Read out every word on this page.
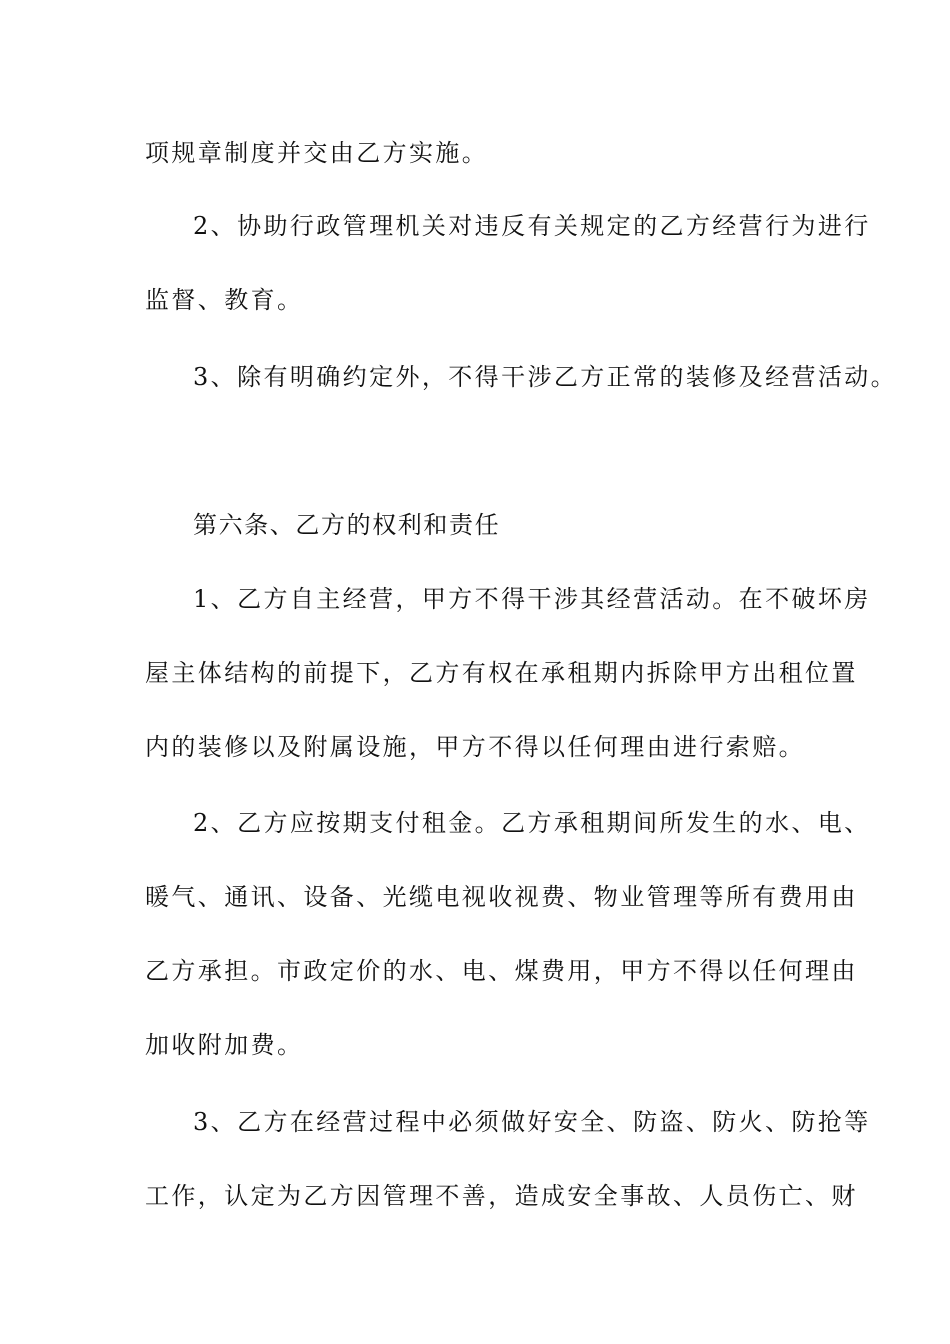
项规章制度并交由乙方实施。
2、协助行政管理机关对违反有关规定的乙方经营行为进行
监督、教育。
3、除有明确约定外，不得干涉乙方正常的装修及经营活动。
第六条、乙方的权利和责任
1、乙方自主经营，甲方不得干涉其经营活动。在不破坏房
屋主体结构的前提下，乙方有权在承租期内拆除甲方出租位置
内的装修以及附属设施，甲方不得以任何理由进行索赔。
2、乙方应按期支付租金。乙方承租期间所发生的水、电、
暖气、通讯、设备、光缆电视收视费、物业管理等所有费用由
乙方承担。市政定价的水、电、煤费用，甲方不得以任何理由
加收附加费。
3、乙方在经营过程中必须做好安全、防盗、防火、防抢等
工作，认定为乙方因管理不善，造成安全事故、人员伤亡、财
